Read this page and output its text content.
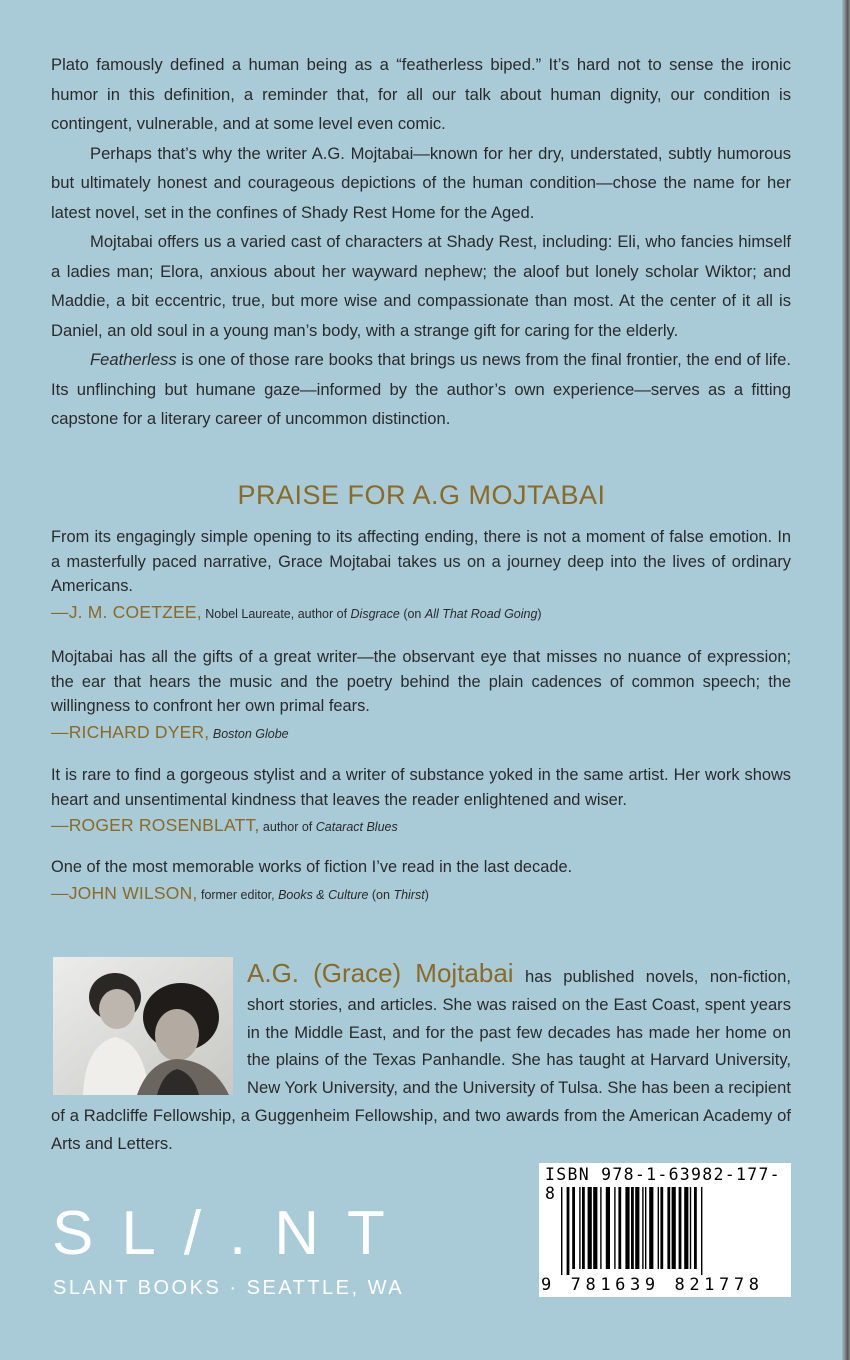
Plato famously defined a human being as a “featherless biped.” It’s hard not to sense the ironic humor in this definition, a reminder that, for all our talk about human dignity, our condition is contingent, vulnerable, and at some level even comic.

Perhaps that’s why the writer A.G. Mojtabai—known for her dry, understated, subtly humorous but ultimately honest and courageous depictions of the human condition—chose the name for her latest novel, set in the confines of Shady Rest Home for the Aged.

Mojtabai offers us a varied cast of characters at Shady Rest, including: Eli, who fancies himself a ladies man; Elora, anxious about her wayward nephew; the aloof but lonely scholar Wiktor; and Maddie, a bit eccentric, true, but more wise and compassionate than most. At the center of it all is Daniel, an old soul in a young man’s body, with a strange gift for caring for the elderly.

Featherless is one of those rare books that brings us news from the final frontier, the end of life. Its unflinching but humane gaze—informed by the author’s own experience—serves as a fitting capstone for a literary career of uncommon distinction.

PRAISE FOR A.G MOJTABAI

From its engagingly simple opening to its affecting ending, there is not a moment of false emotion. In a masterfully paced narrative, Grace Mojtabai takes us on a journey deep into the lives of ordinary Americans.

—J. M. COETZEE, Nobel Laureate, author of Disgrace (on All That Road Going)

Mojtabai has all the gifts of a great writer—the observant eye that misses no nuance of expression; the ear that hears the music and the poetry behind the plain cadences of common speech; the willingness to confront her own primal fears.

—RICHARD DYER, Boston Globe

It is rare to find a gorgeous stylist and a writer of substance yoked in the same artist. Her work shows heart and unsentimental kindness that leaves the reader enlightened and wiser.

—ROGER ROSENBLATT, author of Cataract Blues

One of the most memorable works of fiction I’ve read in the last decade.

—JOHN WILSON, former editor, Books & Culture (on Thirst)
A.G. (Grace) Mojtabai has published novels, non-fiction, short stories, and articles. She was raised on the East Coast, spent years in the Middle East, and for the past few decades has made her home on the plains of the Texas Panhandle. She has taught at Harvard University, New York University, and the University of Tulsa. She has been a recipient of a Radcliffe Fellowship, a Guggenheim Fellowship, and two awards from the American Academy of Arts and Letters.
SL/.NT
SLANT BOOKS · SEATTLE, WA
ISBN 978-1-63982-177-8
9 781639 821778
